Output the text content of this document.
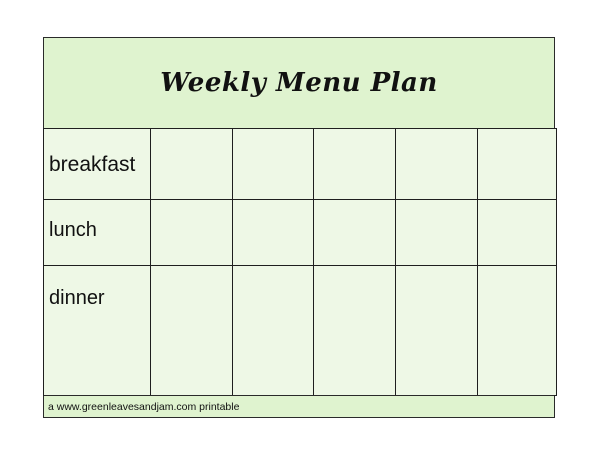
Weekly Menu Plan
breakfast					
lunch					
dinner					
a www.greenleavesandjam.com printable
